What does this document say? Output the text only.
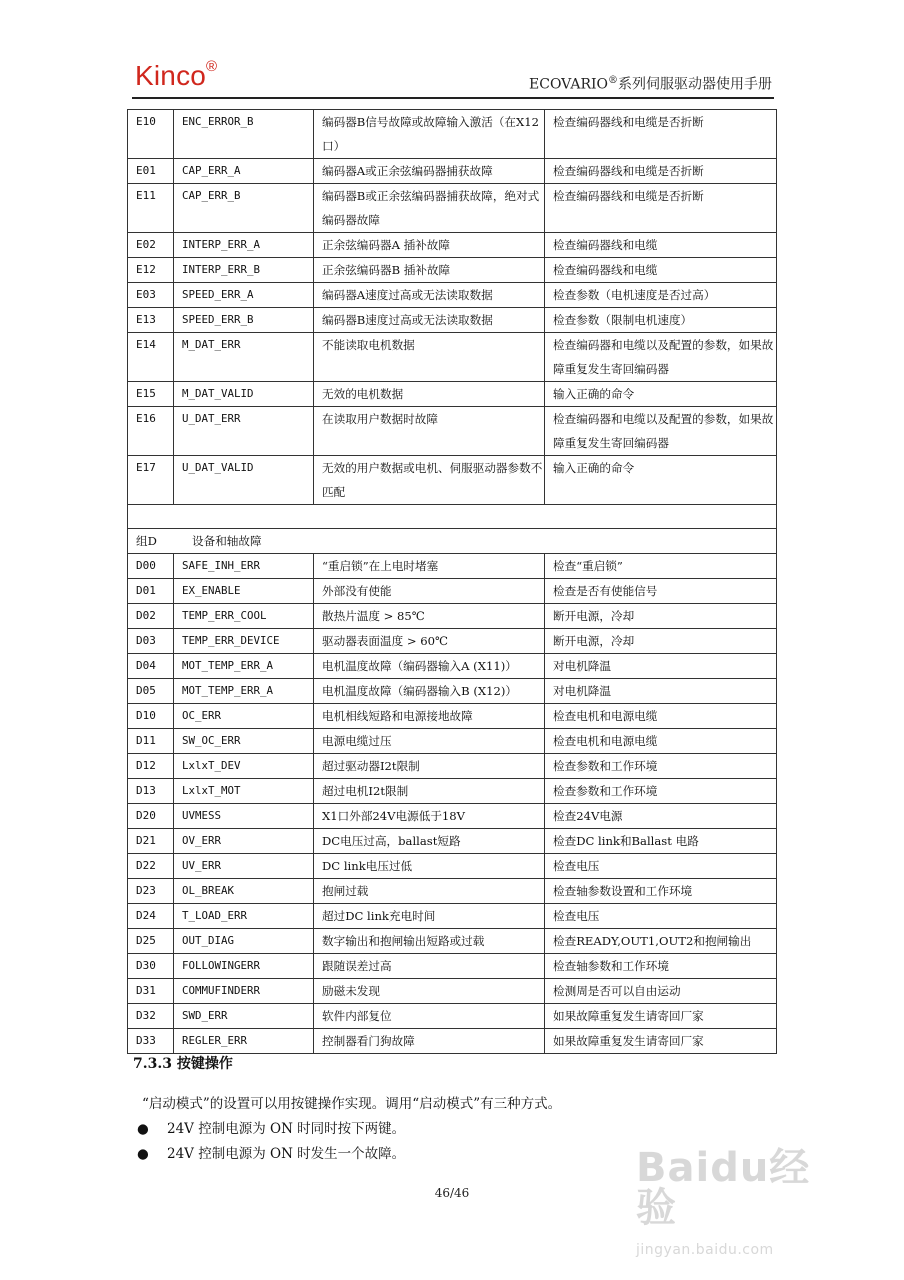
Kinco®
ECOVARIO®系列伺服驱动器使用手册
E10	ENC_ERROR_B	编码器B信号故障或故障输入激活（在X12口）	检查编码器线和电缆是否折断
E01	CAP_ERR_A	编码器A或正余弦编码器捕获故障	检查编码器线和电缆是否折断
E11	CAP_ERR_B	编码器B或正余弦编码器捕获故障，绝对式编码器故障	检查编码器线和电缆是否折断
E02	INTERP_ERR_A	正余弦编码器A 插补故障	检查编码器线和电缆
E12	INTERP_ERR_B	正余弦编码器B 插补故障	检查编码器线和电缆
E03	SPEED_ERR_A	编码器A速度过高或无法读取数据	检查参数（电机速度是否过高）
E13	SPEED_ERR_B	编码器B速度过高或无法读取数据	检查参数（限制电机速度）
E14	M_DAT_ERR	不能读取电机数据	检查编码器和电缆以及配置的参数，如果故障重复发生寄回编码器
E15	M_DAT_VALID	无效的电机数据	输入正确的命令
E16	U_DAT_ERR	在读取用户数据时故障	检查编码器和电缆以及配置的参数，如果故障重复发生寄回编码器
E17	U_DAT_VALID	无效的用户数据或电机、伺服驱动器参数不匹配	输入正确的命令

组D 设备和轴故障			
D00	SAFE_INH_ERR	“重启锁”在上电时堵塞	检查“重启锁”
D01	EX_ENABLE	外部没有使能	检查是否有使能信号
D02	TEMP_ERR_COOL	散热片温度 > 85℃	断开电源，冷却
D03	TEMP_ERR_DEVICE	驱动器表面温度 > 60℃	断开电源，冷却
D04	MOT_TEMP_ERR_A	电机温度故障（编码器输入A (X11)）	对电机降温
D05	MOT_TEMP_ERR_A	电机温度故障（编码器输入B (X12)）	对电机降温
D10	OC_ERR	电机相线短路和电源接地故障	检查电机和电源电缆
D11	SW_OC_ERR	电源电缆过压	检查电机和电源电缆
D12	LxlxT_DEV	超过驱动器I2t限制	检查参数和工作环境
D13	LxlxT_MOT	超过电机I2t限制	检查参数和工作环境
D20	UVMESS	X1口外部24V电源低于18V	检查24V电源
D21	OV_ERR	DC电压过高，ballast短路	检查DC link和Ballast 电路
D22	UV_ERR	DC link电压过低	检查电压
D23	OL_BREAK	抱闸过载	检查轴参数设置和工作环境
D24	T_LOAD_ERR	超过DC link充电时间	检查电压
D25	OUT_DIAG	数字输出和抱闸输出短路或过载	检查READY,OUT1,OUT2和抱闸输出
D30	FOLLOWINGERR	跟随误差过高	检查轴参数和工作环境
D31	COMMUFINDERR	励磁未发现	检测周是否可以自由运动
D32	SWD_ERR	软件内部复位	如果故障重复发生请寄回厂家
D33	REGLER_ERR	控制器看门狗故障	如果故障重复发生请寄回厂家
7.3.3 按键操作
“启动模式”的设置可以用按键操作实现。调用“启动模式”有三种方式。
● 24V 控制电源为 ON 时同时按下两键。
● 24V 控制电源为 ON 时发生一个故障。
46/46
Baidu经验
jingyan.baidu.com
